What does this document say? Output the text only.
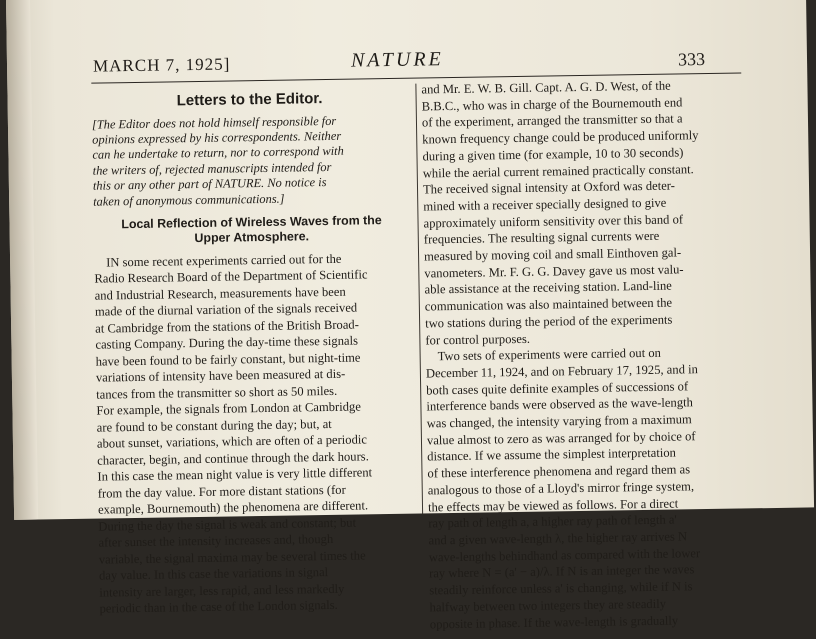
MARCH 7, 1925]	NATURE	333
Letters to the Editor.
[The Editor does not hold himself responsible for
opinions expressed by his correspondents. Neither
can he undertake to return, nor to correspond with
the writers of, rejected manuscripts intended for
this or any other part of NATURE. No notice is
taken of anonymous communications.]
Local Reflection of Wireless Waves from the
Upper Atmosphere.
IN some recent experiments carried out for the
Radio Research Board of the Department of Scientific
and Industrial Research, measurements have been
made of the diurnal variation of the signals received
at Cambridge from the stations of the British Broad-
casting Company. During the day-time these signals
have been found to be fairly constant, but night-time
variations of intensity have been measured at dis-
tances from the transmitter so short as 50 miles.
For example, the signals from London at Cambridge
are found to be constant during the day; but, at
about sunset, variations, which are often of a periodic
character, begin, and continue through the dark hours.
In this case the mean night value is very little different
from the day value. For more distant stations (for
example, Bournemouth) the phenomena are different.
During the day the signal is weak and constant; but
after sunset the intensity increases and, though
variable, the signal maxima may be several times the
day value. In this case the variations in signal
intensity are larger, less rapid, and less markedly
periodic than in the case of the London signals.
and Mr. E. W. B. Gill. Capt. A. G. D. West, of the
B.B.C., who was in charge of the Bournemouth end
of the experiment, arranged the transmitter so that a
known frequency change could be produced uniformly
during a given time (for example, 10 to 30 seconds)
while the aerial current remained practically constant.
The received signal intensity at Oxford was deter-
mined with a receiver specially designed to give
approximately uniform sensitivity over this band of
frequencies. The resulting signal currents were
measured by moving coil and small Einthoven gal-
vanometers. Mr. F. G. G. Davey gave us most valu-
able assistance at the receiving station. Land-line
communication was also maintained between the
two stations during the period of the experiments
for control purposes.
Two sets of experiments were carried out on
December 11, 1924, and on February 17, 1925, and in
both cases quite definite examples of successions of
interference bands were observed as the wave-length
was changed, the intensity varying from a maximum
value almost to zero as was arranged for by choice of
distance. If we assume the simplest interpretation
of these interference phenomena and regard them as
analogous to those of a Lloyd's mirror fringe system,
the effects may be viewed as follows. For a direct
ray path of length a, a higher ray path of length a'
and a given wave-length λ, the higher ray arrives N
wave-lengths behindhand as compared with the lower
ray where N = (a' − a)/λ. If N is an integer the waves
steadily reinforce unless a' is changing, while if N is
halfway between two integers they are steadily
opposite in phase. If the wave-length is gradually
